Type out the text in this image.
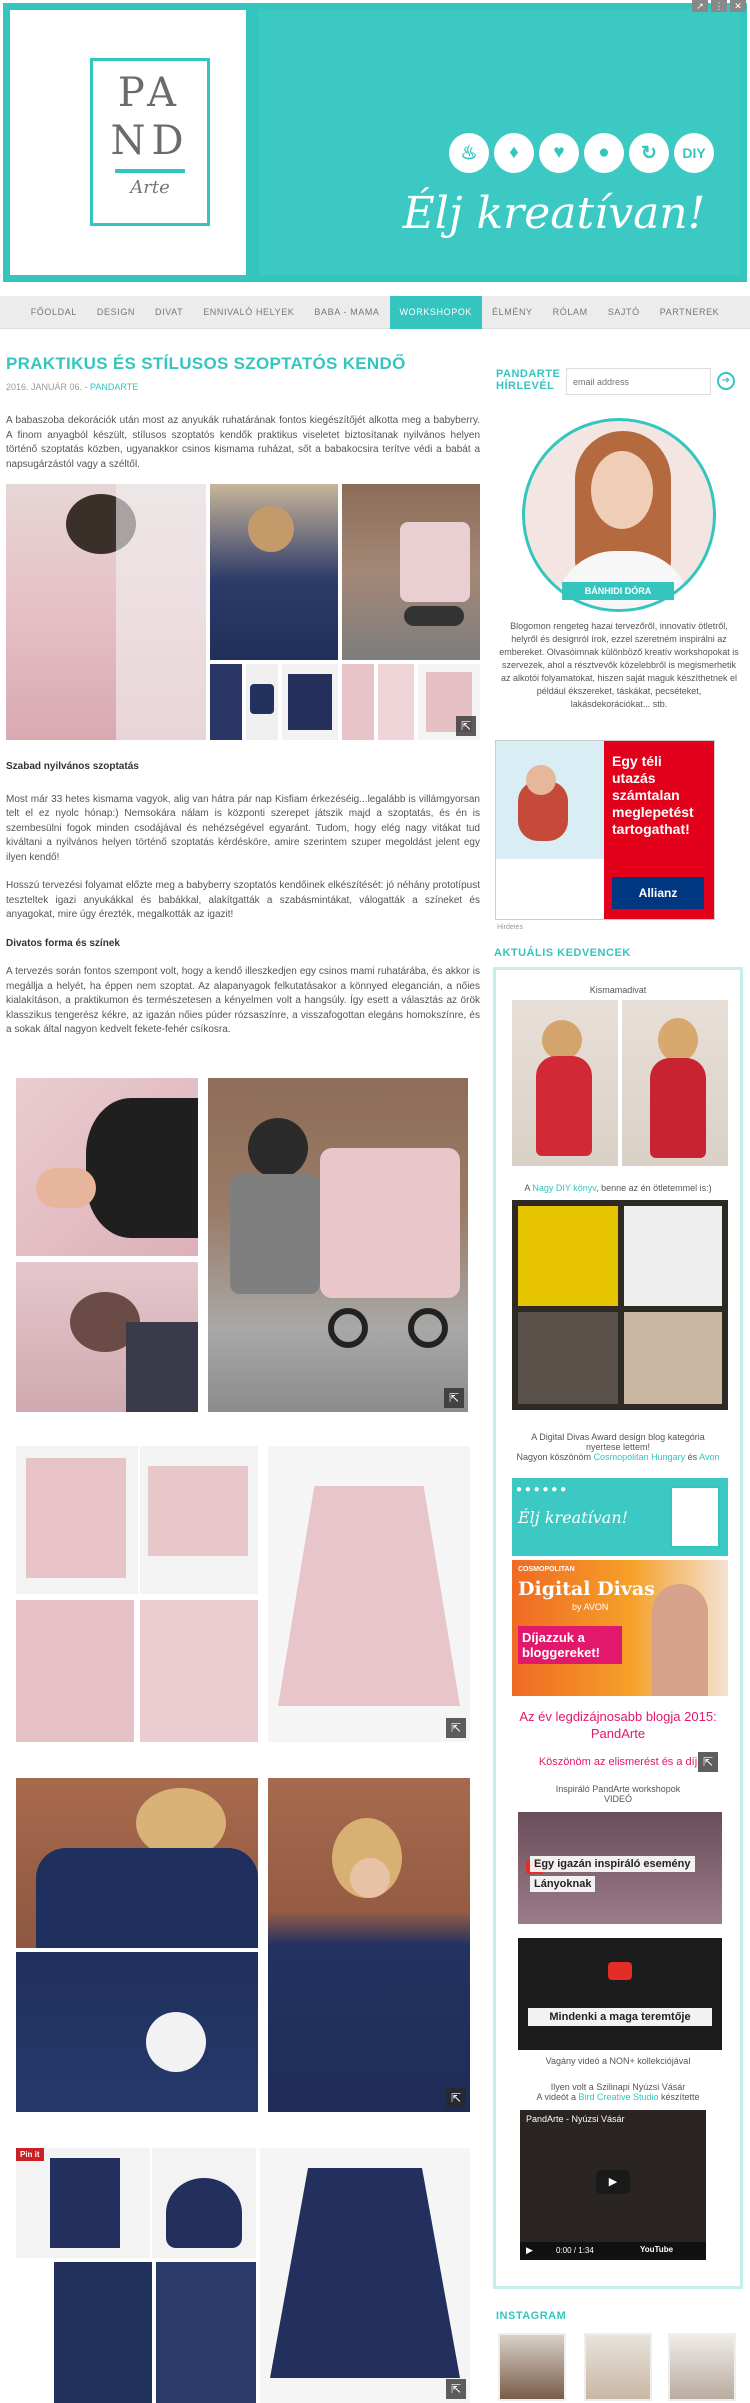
PA
ND
Arte
♨	♦	♥	●	↻	DIY
Élj kreatívan!
↗	⋮	✕
FŐOLDAL	DESIGN	DIVAT	ENNIVALÓ HELYEK	BABA - MAMA	WORKSHOPOK	ÉLMÉNY	RÓLAM	SAJTÓ	PARTNEREK
PRAKTIKUS ÉS STÍLUSOS SZOPTATÓS KENDŐ
2016. JANUÁR 06. - PANDARTE

A babaszoba dekorációk után most az anyukák ruhatárának fontos kiegészítőjét alkotta meg a babyberry. A finom anyagból készült, stílusos szoptatós kendők praktikus viseletet biztosítanak nyilvános helyen történő szoptatás közben, ugyanakkor csinos kismama ruházat, sőt a babakocsira terítve védi a babát a napsugárzástól vagy a széltől.

⇱

Szabad nyilvános szoptatás

Most már 33 hetes kismama vagyok, alig van hátra pár nap Kisfiam érkezéséig...legalább is villámgyorsan telt el ez nyolc hónap:) Nemsokára nálam is központi szerepet játszik majd a szoptatás, és én is szembesülni fogok minden csodájával és nehézségével egyaránt. Tudom, hogy elég nagy vitákat tud kiváltani a nyilvános helyen történő szoptatás kérdésköre, amire szerintem szuper megoldást jelent egy ilyen kendő!

Hosszú tervezési folyamat előzte meg a babyberry szoptatós kendőinek elkészítését: jó néhány prototípust teszteltek igazi anyukákkal és babákkal, alakítgatták a szabásmintákat, válogatták a színeket és anyagokat, mire úgy érezték, megalkották az igazit!

Divatos forma és színek

A tervezés során fontos szempont volt, hogy a kendő illeszkedjen egy csinos mami ruhatárába, és akkor is megállja a helyét, ha éppen nem szoptat. Az alapanyagok felkutatásakor a könnyed elegancián, a nőies kialakításon, a praktikumon és természetesen a kényelmen volt a hangsúly. Így esett a választás az örök klasszikus tengerész kékre, az igazán nőies púder rózsaszínre, a visszafogottan elegáns homokszínre, és a sokak által nagyon kedvelt fekete-fehér csíkosra.

⇱
⇱
⇱
Pin it
⇱
PANDARTE
HÍRLEVÉL
email address	➜
BÁNHIDI DÓRA

Blogomon rengeteg hazai tervezőről, innovatív ötletről, helyről és designról írok, ezzel szeretném inspirálni az embereket. Olvasóimnak különböző kreatív workshopokat is szervezek, ahol a résztvevők közelebbről is megismerhetik az alkotói folyamatokat, hiszen saját maguk készíthetnek el például ékszereket, táskákat, pecséteket, lakásdekorációkat... stb.

Egy téli utazás számtalan meglepetést tartogathat!
Allianz
Hirdetés
AKTUÁLIS KEDVENCEK
Kismamadivat
A Nagy DIY könyv, benne az én ötletemmel is:)
A Digital Divas Award design blog kategória
nyertese lettem!
Nagyon köszönöm Cosmopolitan Hungary és Avon
● ● ● ● ● ●
Élj kreatívan!
COSMOPOLITAN
Digital Divas
by AVON
Díjazzuk a bloggereket!
Az év legdizájnosabb blogja 2015:
PandArte
Köszönöm az elismerést és a díj ⇱
Inspiráló PandArte workshopok
VIDEÓ
Egy igazán inspiráló esemény
Lányoknak
Mindenki a maga teremtője
Vagány videó a NON+ kollekciójával
Ilyen volt a Szilinapi Nyúzsi Vásár
A videót a Bird Creative Studio készítette
PandArte - Nyúzsi Vásár
▶
▶	0:00 / 1:34	YouTube
INSTAGRAM
